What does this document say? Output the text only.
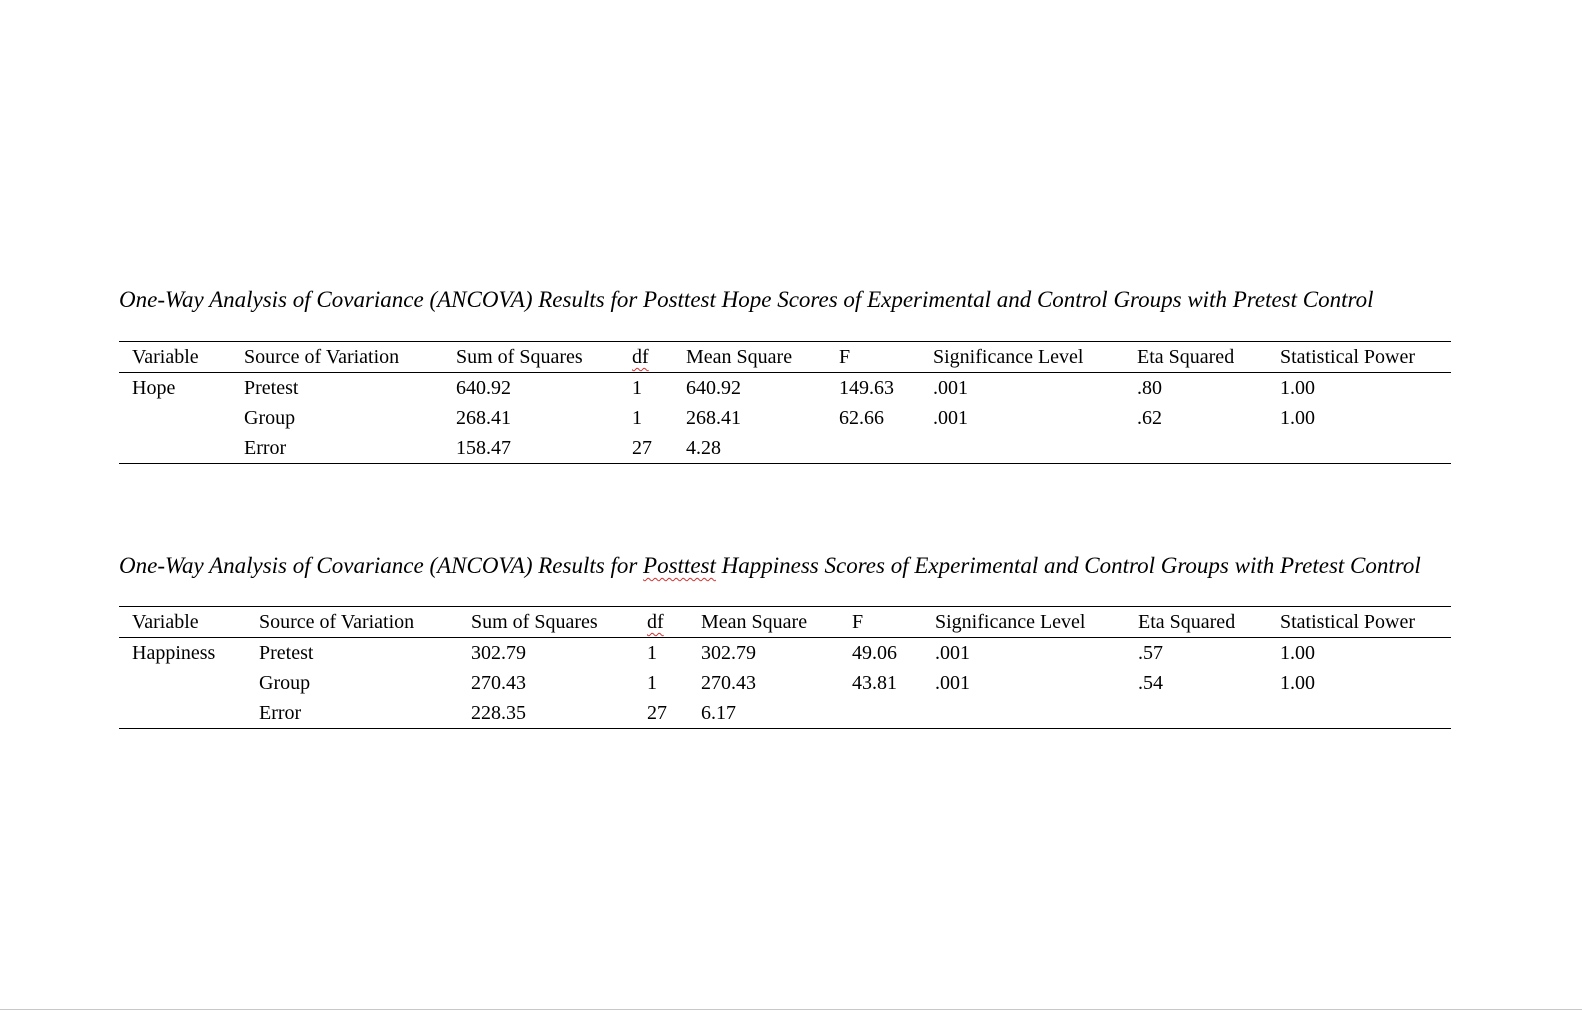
One-Way Analysis of Covariance (ANCOVA) Results for Posttest Hope Scores of Experimental and Control Groups with Pretest Control

Variable	Source of Variation	Sum of Squares	df	Mean Square	F	Significance Level	Eta Squared	Statistical Power
Hope	Pretest	640.92	1	640.92	149.63	.001	.80	1.00
	Group	268.41	1	268.41	62.66	.001	.62	1.00
	Error	158.47	27	4.28				

One-Way Analysis of Covariance (ANCOVA) Results for Posttest Happiness Scores of Experimental and Control Groups with Pretest Control

Variable	Source of Variation	Sum of Squares	df	Mean Square	F	Significance Level	Eta Squared	Statistical Power
Happiness	Pretest	302.79	1	302.79	49.06	.001	.57	1.00
	Group	270.43	1	270.43	43.81	.001	.54	1.00
	Error	228.35	27	6.17				
